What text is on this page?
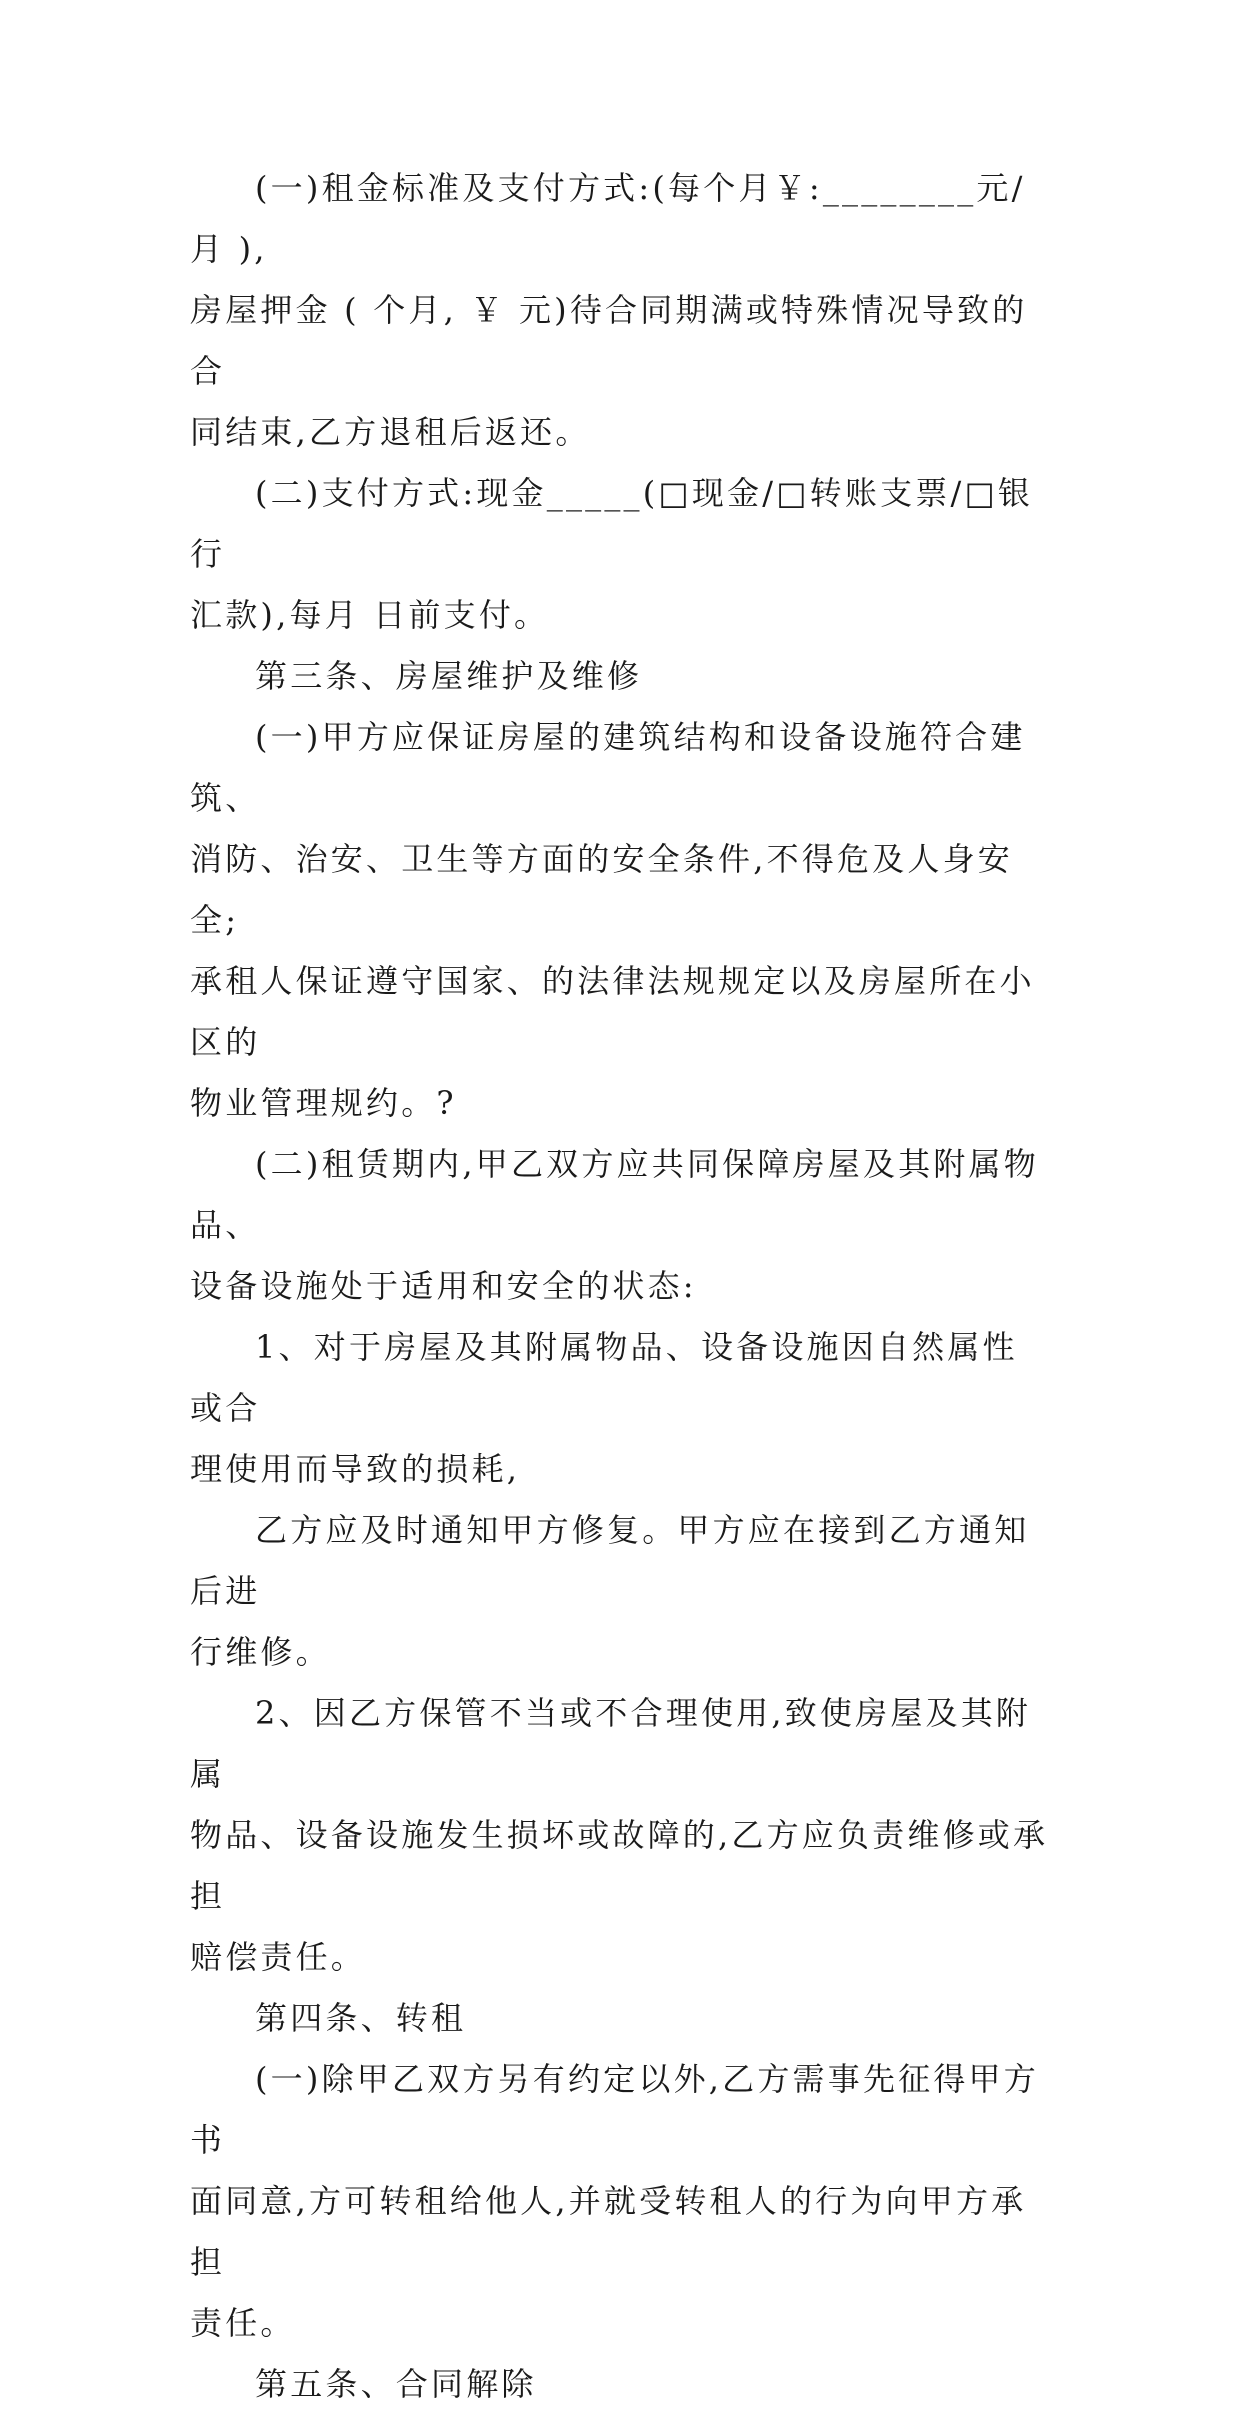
(一)租金标准及支付方式:(每个月￥:________元/月 ),
房屋押金 ( 个月, ￥ 元)待合同期满或特殊情况导致的合
同结束,乙方退租后返还。

(二)支付方式:现金_____(□现金/□转账支票/□银行
汇款),每月 日前支付。

第三条、房屋维护及维修

(一)甲方应保证房屋的建筑结构和设备设施符合建筑、
消防、治安、卫生等方面的安全条件,不得危及人身安全;
承租人保证遵守国家、的法律法规规定以及房屋所在小区的
物业管理规约。?

(二)租赁期内,甲乙双方应共同保障房屋及其附属物品、
设备设施处于适用和安全的状态:

1、对于房屋及其附属物品、设备设施因自然属性或合
理使用而导致的损耗,

乙方应及时通知甲方修复。甲方应在接到乙方通知后进
行维修。

2、因乙方保管不当或不合理使用,致使房屋及其附属
物品、设备设施发生损坏或故障的,乙方应负责维修或承担
赔偿责任。

第四条、转租

(一)除甲乙双方另有约定以外,乙方需事先征得甲方书
面同意,方可转租给他人,并就受转租人的行为向甲方承担
责任。

第五条、合同解除
